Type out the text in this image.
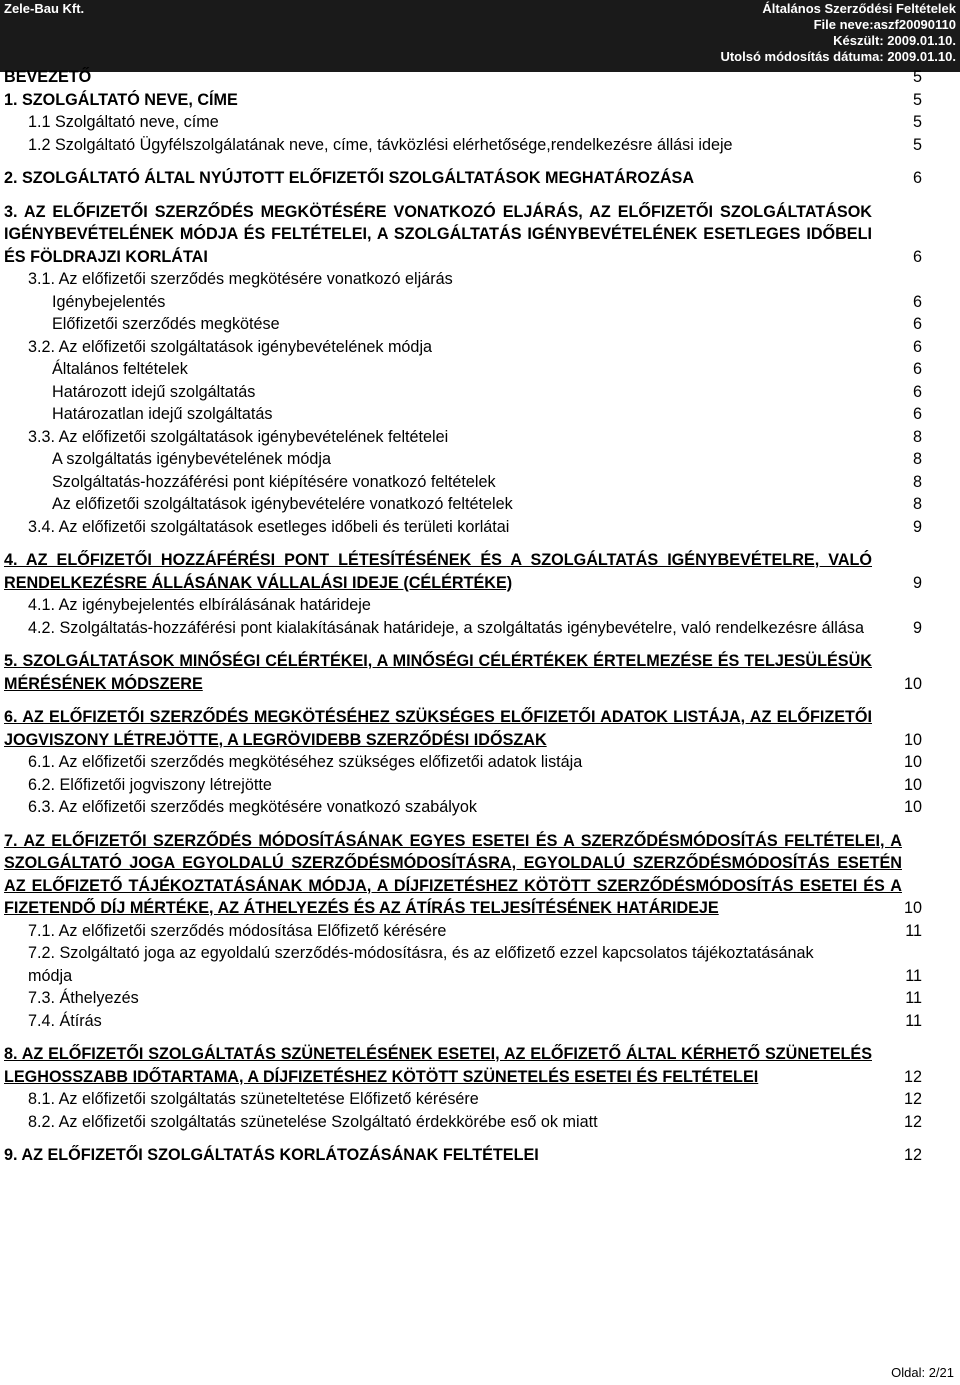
Zele-Bau Kft.	Általános Szerződési Feltételek
File neve:aszf20090110
Készült: 2009.01.10.
Utolsó módosítás dátuma: 2009.01.10.
BEVEZETŐ	5
1. SZOLGÁLTATÓ NEVE, CÍME	5
1.1 Szolgáltató neve, címe	5
1.2 Szolgáltató Ügyfélszolgálatának neve, címe, távközlési elérhetősége,rendelkezésre állási ideje	5
2. SZOLGÁLTATÓ ÁLTAL NYÚJTOTT ELŐFIZETŐI SZOLGÁLTATÁSOK MEGHATÁROZÁSA	6
3. AZ ELŐFIZETŐI SZERZŐDÉS MEGKÖTÉSÉRE VONATKOZÓ ELJÁRÁS, AZ ELŐFIZETŐI SZOLGÁLTATÁSOK IGÉNYBEVÉTELÉNEK MÓDJA ÉS FELTÉTELEI, A SZOLGÁLTATÁS IGÉNYBEVÉTELÉNEK ESETLEGES IDŐBELI ÉS FÖLDRAJZI KORLÁTAI	6
3.1. Az előfizetői szerződés megkötésére vonatkozó eljárás
Igénybejelentés	6
Előfizetői szerződés megkötése	6
3.2. Az előfizetői szolgáltatások igénybevételének módja	6
Általános feltételek	6
Határozott idejű szolgáltatás	6
Határozatlan idejű szolgáltatás	6
3.3. Az előfizetői szolgáltatások igénybevételének feltételei	8
A szolgáltatás igénybevételének módja	8
Szolgáltatás-hozzáférési pont kiépítésére vonatkozó feltételek	8
Az előfizetői szolgáltatások igénybevételére vonatkozó feltételek	8
3.4. Az előfizetői szolgáltatások esetleges időbeli és területi korlátai	9
4. AZ ELŐFIZETŐI HOZZÁFÉRÉSI PONT LÉTESÍTÉSÉNEK ÉS A SZOLGÁLTATÁS IGÉNYBEVÉTELRE, VALÓ RENDELKEZÉSRE ÁLLÁSÁNAK VÁLLALÁSI IDEJE (CÉLÉRTÉKE)	9
4.1. Az igénybejelentés elbírálásának határideje
4.2. Szolgáltatás-hozzáférési pont kialakításának határideje, a szolgáltatás igénybevételre, való rendelkezésre állása	9
5. SZOLGÁLTATÁSOK MINŐSÉGI CÉLÉRTÉKEI, A MINŐSÉGI CÉLÉRTÉKEK ÉRTELMEZÉSE ÉS TELJESÜLÉSÜK MÉRÉSÉNEK MÓDSZERE	10
6. AZ ELŐFIZETŐI SZERZŐDÉS MEGKÖTÉSÉHEZ SZÜKSÉGES ELŐFIZETŐI ADATOK LISTÁJA, AZ ELŐFIZETŐI JOGVISZONY LÉTREJÖTTE, A LEGRÖVIDEBB SZERZŐDÉSI IDŐSZAK	10
6.1. Az előfizetői szerződés megkötéséhez szükséges előfizetői adatok listája	10
6.2. Előfizetői jogviszony létrejötte	10
6.3. Az előfizetői szerződés megkötésére vonatkozó szabályok	10
7. AZ ELŐFIZETŐI SZERZŐDÉS MÓDOSÍTÁSÁNAK EGYES ESETEI ÉS A SZERZŐDÉSMÓDOSÍTÁS FELTÉTELEI, A SZOLGÁLTATÓ JOGA EGYOLDALÚ SZERZŐDÉSMÓDOSÍTÁSRA, EGYOLDALÚ SZERZŐDÉSMÓDOSÍTÁS ESETÉN AZ ELŐFIZETŐ TÁJÉKOZTATÁSÁNAK MÓDJA, A DÍJFIZETÉSHEZ KÖTÖTT SZERZŐDÉSMÓDOSÍTÁS ESETEI ÉS A FIZETENDŐ DÍJ MÉRTÉKE, AZ ÁTHELYEZÉS ÉS AZ ÁTÍRÁS TELJESÍTÉSÉNEK HATÁRIDEJE	10
7.1. Az előfizetői szerződés módosítása Előfizető kérésére	11
7.2. Szolgáltató joga az egyoldalú szerződés-módosításra, és az előfizető ezzel kapcsolatos tájékoztatásának módja	11
7.3. Áthelyezés	11
7.4. Átírás	11
8. AZ ELŐFIZETŐI SZOLGÁLTATÁS SZÜNETELÉSÉNEK ESETEI, AZ ELŐFIZETŐ ÁLTAL KÉRHETŐ SZÜNETELÉS LEGHOSSZABB IDŐTARTAMA, A DÍJFIZETÉSHEZ KÖTÖTT SZÜNETELÉS ESETEI ÉS FELTÉTELEI	12
8.1. Az előfizetői szolgáltatás szüneteltetése Előfizető kérésére	12
8.2. Az előfizetői szolgáltatás szünetelése Szolgáltató érdekkörébe eső ok miatt	12
9. AZ ELŐFIZETŐI SZOLGÁLTATÁS KORLÁTOZÁSÁNAK FELTÉTELEI	12
Oldal: 2/21
